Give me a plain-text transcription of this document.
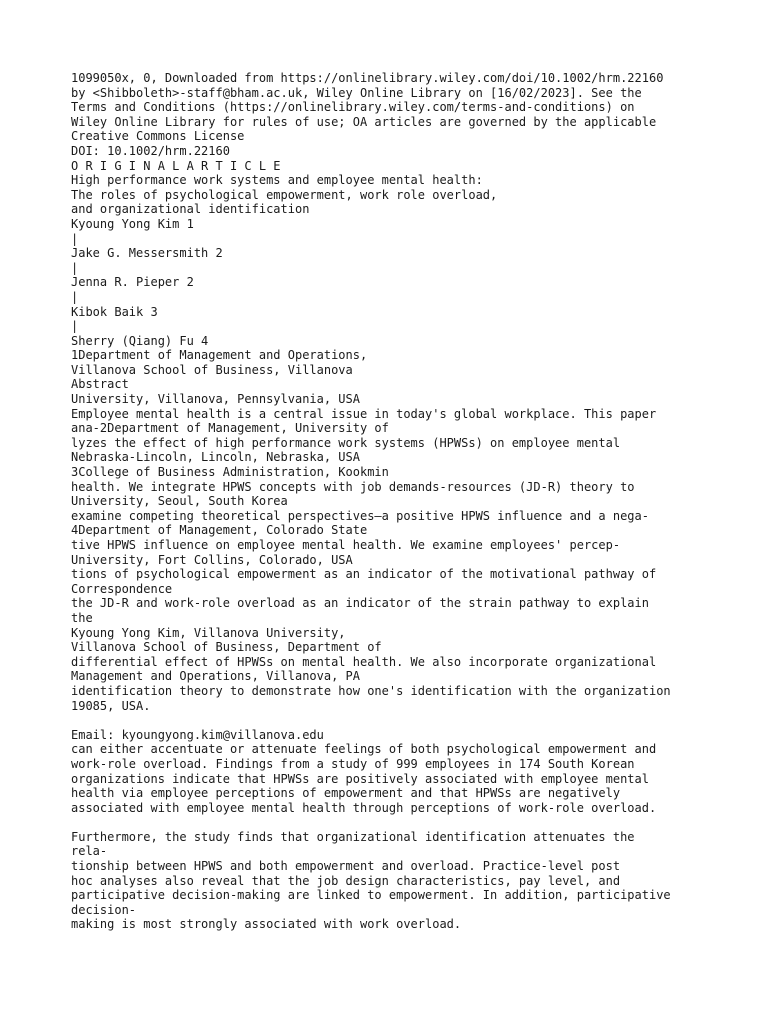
1099050x, 0, Downloaded from https://onlinelibrary.wiley.com/doi/10.1002/hrm.22160
by <Shibboleth>-staff@bham.ac.uk, Wiley Online Library on [16/02/2023]. See the
Terms and Conditions (https://onlinelibrary.wiley.com/terms-and-conditions) on
Wiley Online Library for rules of use; OA articles are governed by the applicable
Creative Commons License
DOI: 10.1002/hrm.22160
O R I G I N A L A R T I C L E
High performance work systems and employee mental health:
The roles of psychological empowerment, work role overload,
and organizational identification
Kyoung Yong Kim 1
|
Jake G. Messersmith 2
|
Jenna R. Pieper 2
|
Kibok Baik 3
|
Sherry (Qiang) Fu 4
1Department of Management and Operations,
Villanova School of Business, Villanova
Abstract
University, Villanova, Pennsylvania, USA
Employee mental health is a central issue in today's global workplace. This paper
ana-2Department of Management, University of
lyzes the effect of high performance work systems (HPWSs) on employee mental
Nebraska-Lincoln, Lincoln, Nebraska, USA
3College of Business Administration, Kookmin
health. We integrate HPWS concepts with job demands-resources (JD-R) theory to
University, Seoul, South Korea
examine competing theoretical perspectives—a positive HPWS influence and a nega-
4Department of Management, Colorado State
tive HPWS influence on employee mental health. We examine employees' percep-
University, Fort Collins, Colorado, USA
tions of psychological empowerment as an indicator of the motivational pathway of
Correspondence
the JD-R and work-role overload as an indicator of the strain pathway to explain
the
Kyoung Yong Kim, Villanova University,
Villanova School of Business, Department of
differential effect of HPWSs on mental health. We also incorporate organizational
Management and Operations, Villanova, PA
identification theory to demonstrate how one's identification with the organization
19085, USA.
Email: kyoungyong.kim@villanova.edu
can either accentuate or attenuate feelings of both psychological empowerment and
work-role overload. Findings from a study of 999 employees in 174 South Korean
organizations indicate that HPWSs are positively associated with employee mental
health via employee perceptions of empowerment and that HPWSs are negatively
associated with employee mental health through perceptions of work-role overload.
Furthermore, the study finds that organizational identification attenuates the
rela-
tionship between HPWS and both empowerment and overload. Practice-level post
hoc analyses also reveal that the job design characteristics, pay level, and
participative decision-making are linked to empowerment. In addition, participative
decision-
making is most strongly associated with work overload.
